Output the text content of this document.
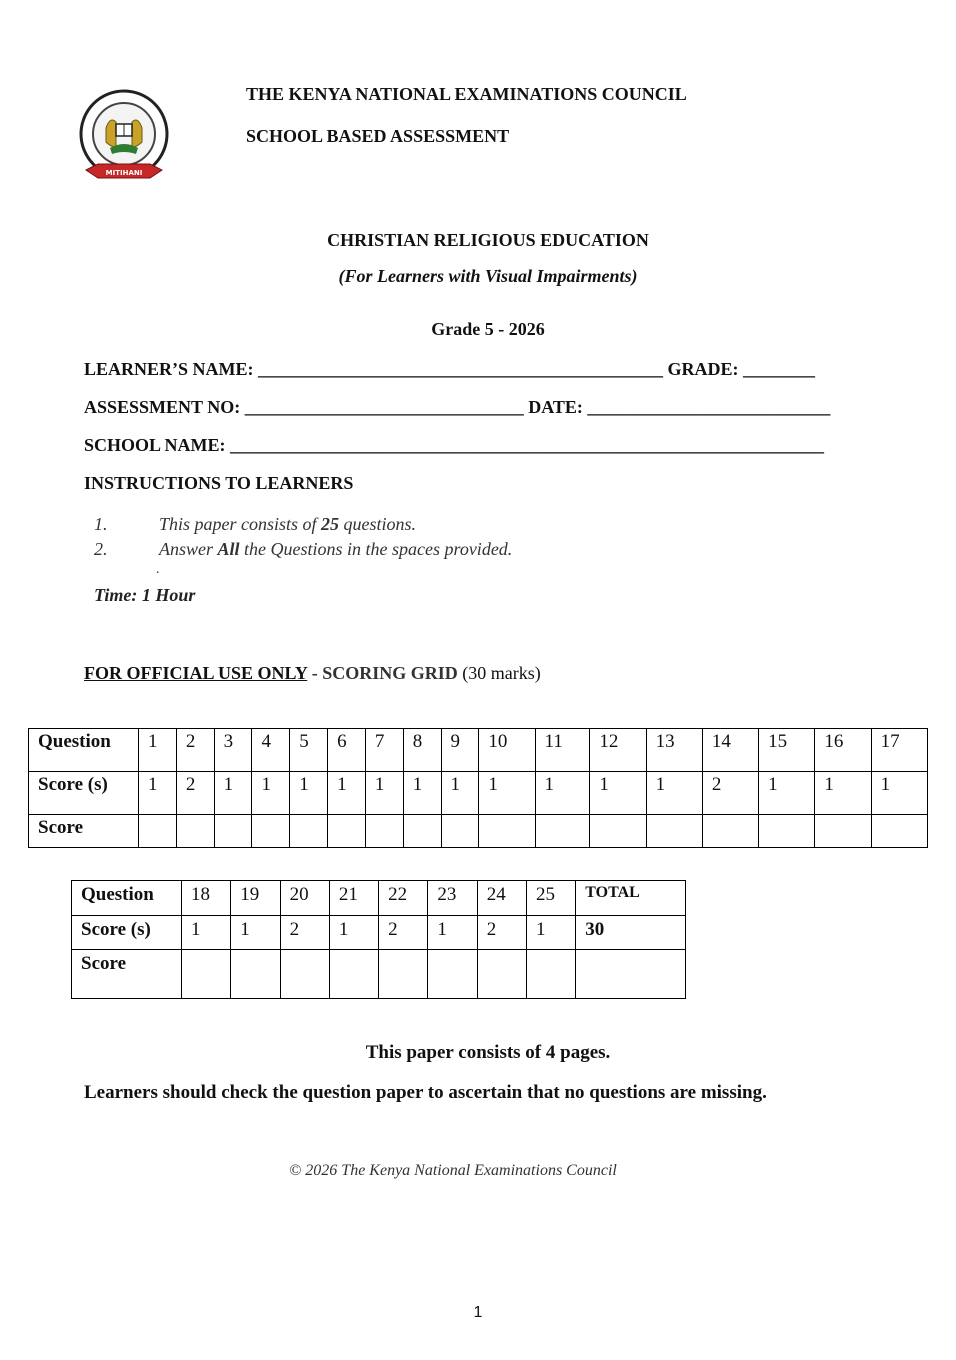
MITIHANI
THE KENYA NATIONAL EXAMINATIONS COUNCIL
SCHOOL BASED ASSESSMENT
CHRISTIAN RELIGIOUS EDUCATION
(For Learners with Visual Impairments)
Grade 5 - 2026
LEARNER’S NAME: _____________________________________________ GRADE: ________
ASSESSMENT NO: _______________________________ DATE: ___________________________
SCHOOL NAME: __________________________________________________________________
INSTRUCTIONS TO LEARNERS
1.	This paper consists of 25 questions.
2.	Answer All the Questions in the spaces provided.
.
Time: 1 Hour
FOR OFFICIAL USE ONLY - SCORING GRID (30 marks)
Question	1	2	3	4	5	6	7	8	9	10	11	12	13	14	15	16	17
Score (s)	1	2	1	1	1	1	1	1	1	1	1	1	1	2	1	1	1
Score																	
Question	18	19	20	21	22	23	24	25	TOTAL
Score (s)	1	1	2	1	2	1	2	1	30
Score									
This paper consists of 4 pages.
Learners should check the question paper to ascertain that no questions are missing.
© 2026 The Kenya National Examinations Council
1
